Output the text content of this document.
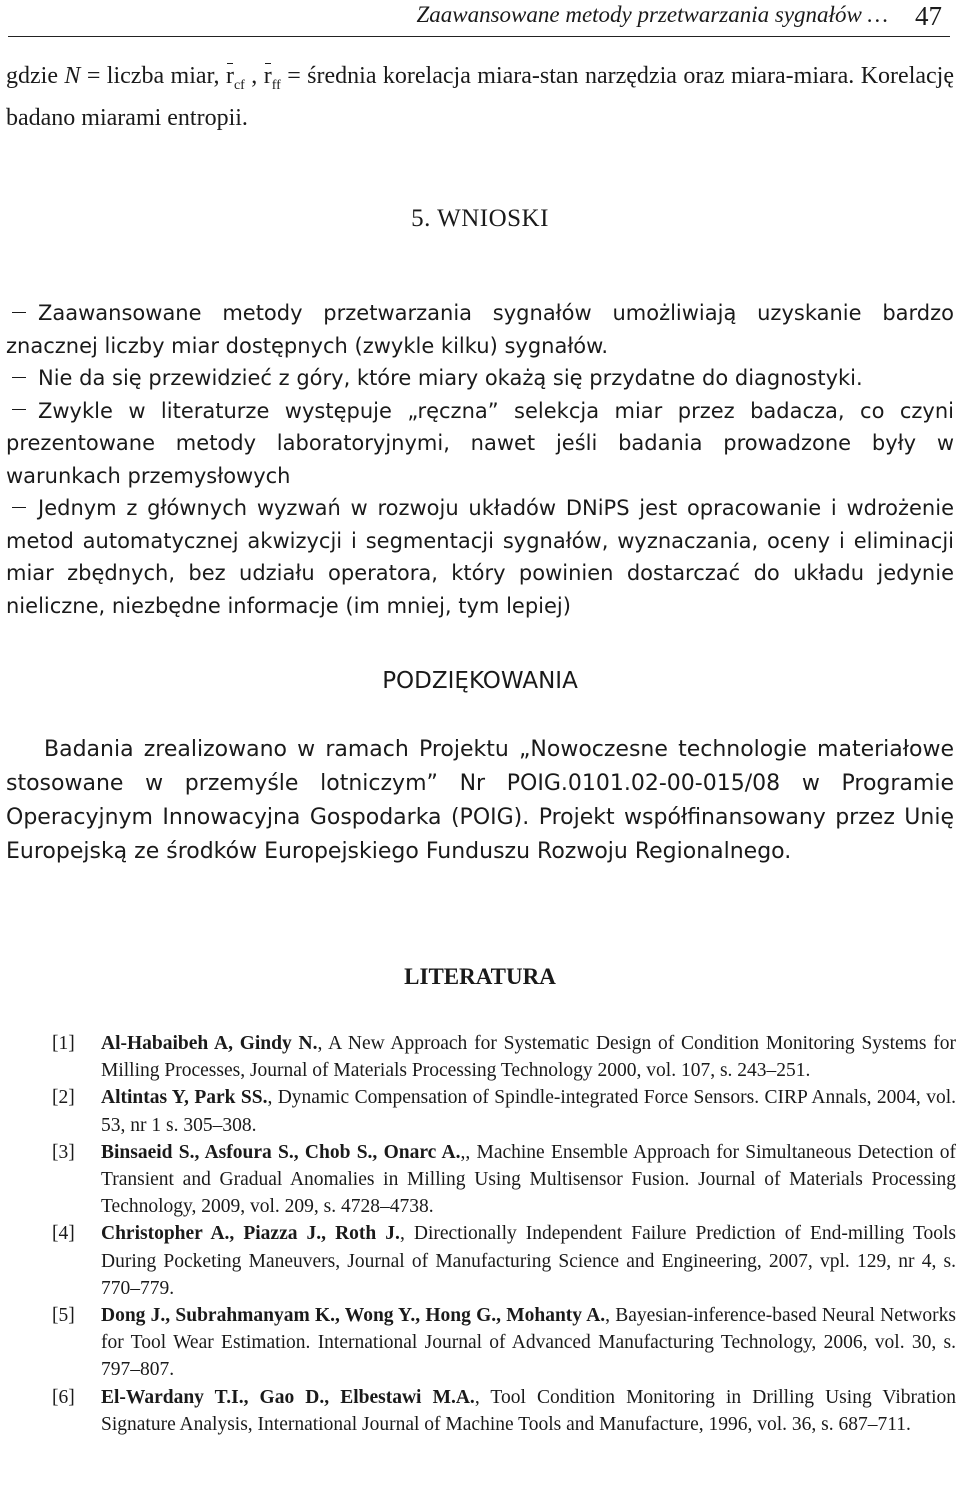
Zaawansowane metody przetwarzania sygnałów … 47

gdzie N = liczba miar, $r_{cf}$ , $r_{ff}$ = średnia korelacja miara-stan narzędzia oraz miara-miara. Korelację badano miarami entropii.

5. WNIOSKI

Zaawansowane metody przetwarzania sygnałów umożliwiają uzyskanie bardzo znacznej liczby miar dostępnych (zwykle kilku) sygnałów.

Nie da się przewidzieć z góry, które miary okażą się przydatne do diagnostyki.

Zwykle w literaturze występuje „ręczna” selekcja miar przez badacza, co czyni prezentowane metody laboratoryjnymi, nawet jeśli badania prowadzone były w warunkach przemysłowych

Jednym z głównych wyzwań w rozwoju układów DNiPS jest opracowanie i wdrożenie metod automatycznej akwizycji i segmentacji sygnałów, wyznaczania, oceny i eliminacji miar zbędnych, bez udziału operatora, który powinien dostarczać do układu jedynie nieliczne, niezbędne informacje (im mniej, tym lepiej)

PODZIĘKOWANIA

Badania zrealizowano w ramach Projektu „Nowoczesne technologie materiałowe stosowane w przemyśle lotniczym” Nr POIG.0101.02-00-015/08 w Programie Operacyjnym Innowacyjna Gospodarka (POIG). Projekt współfinansowany przez Unię Europejską ze środków Europejskiego Funduszu Rozwoju Regionalnego.

LITERATURA
[1] Al-Habaibeh A, Gindy N., A New Approach for Systematic Design of Condition Monitoring Systems for Milling Processes, Journal of Materials Processing Technology 2000, vol. 107, s. 243–251.
[2] Altintas Y, Park SS., Dynamic Compensation of Spindle-integrated Force Sensors. CIRP Annals, 2004, vol. 53, nr 1 s. 305–308.
[3] Binsaeid S., Asfoura S., Chob S., Onarc A.,, Machine Ensemble Approach for Simultaneous Detection of Transient and Gradual Anomalies in Milling Using Multisensor Fusion. Journal of Materials Processing Technology, 2009, vol. 209, s. 4728–4738.
[4] Christopher A., Piazza J., Roth J., Directionally Independent Failure Prediction of End-milling Tools During Pocketing Maneuvers, Journal of Manufacturing Science and Engineering, 2007, vpl. 129, nr 4, s. 770–779.
[5] Dong J., Subrahmanyam K., Wong Y., Hong G., Mohanty A., Bayesian-inference-based Neural Networks for Tool Wear Estimation. International Journal of Advanced Manufacturing Technology, 2006, vol. 30, s. 797–807.
[6] El-Wardany T.I., Gao D., Elbestawi M.A., Tool Condition Monitoring in Drilling Using Vibration Signature Analysis, International Journal of Machine Tools and Manufacture, 1996, vol. 36, s. 687–711.
